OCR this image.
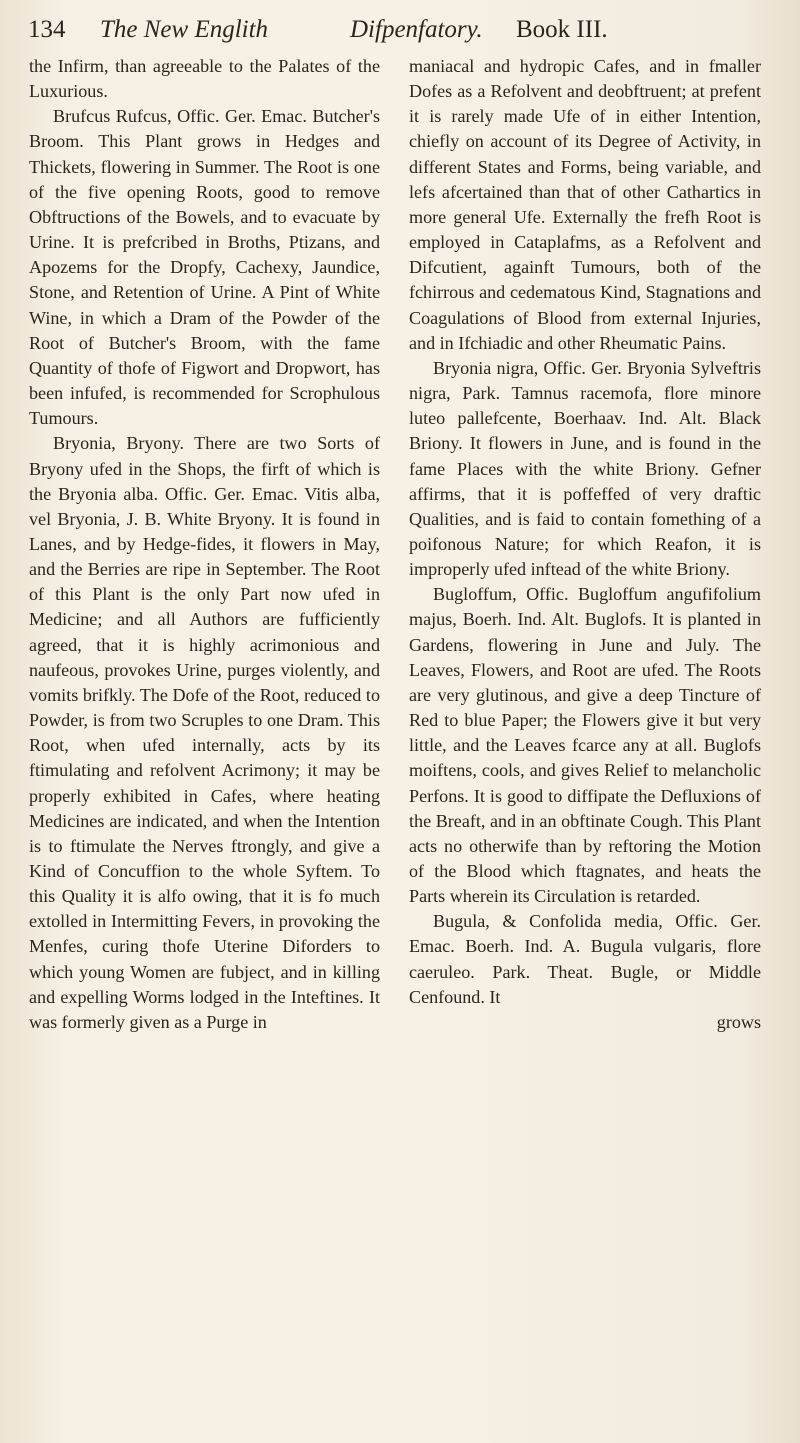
134 The New Englith	Difpenfatory. Book III.

the Infirm, than agreeable to the Palates of the Luxurious.

Brufcus Rufcus, Offic. Ger. Emac. Butcher's Broom. This Plant grows in Hedges and Thickets, flowering in Summer. The Root is one of the five opening Roots, good to remove Obftructions of the Bowels, and to evacuate by Urine. It is prefcribed in Broths, Ptizans, and Apozems for the Dropfy, Cachexy, Jaundice, Stone, and Retention of Urine. A Pint of White Wine, in which a Dram of the Powder of the Root of Butcher's Broom, with the fame Quantity of thofe of Figwort and Dropwort, has been infufed, is recommended for Scrophulous Tumours.

Bryonia, Bryony. There are two Sorts of Bryony ufed in the Shops, the firft of which is the Bryonia alba. Offic. Ger. Emac. Vitis alba, vel Bryonia, J. B. White Bryony. It is found in Lanes, and by Hedge-fides, it flowers in May, and the Berries are ripe in September. The Root of this Plant is the only Part now ufed in Medicine; and all Authors are fufficiently agreed, that it is highly acrimonious and naufeous, provokes Urine, purges violently, and vomits brifkly. The Dofe of the Root, reduced to Powder, is from two Scruples to one Dram. This Root, when ufed internally, acts by its ftimulating and refolvent Acrimony; it may be properly exhibited in Cafes, where heating Medicines are indicated, and when the Intention is to ftimulate the Nerves ftrongly, and give a Kind of Concuffion to the whole Syftem. To this Quality it is alfo owing, that it is fo much extolled in Intermitting Fevers, in provoking the Menfes, curing thofe Uterine Diforders to which young Women are fubject, and in killing and expelling Worms lodged in the Inteftines. It was formerly given as a Purge in

maniacal and hydropic Cafes, and in fmaller Dofes as a Refolvent and deobftruent; at prefent it is rarely made Ufe of in either Intention, chiefly on account of its Degree of Activity, in different States and Forms, being variable, and lefs afcertained than that of other Cathartics in more general Ufe. Externally the frefh Root is employed in Cataplafms, as a Refolvent and Difcutient, againft Tumours, both of the fchirrous and cedematous Kind, Stagnations and Coagulations of Blood from external Injuries, and in Ifchiadic and other Rheumatic Pains.

Bryonia nigra, Offic. Ger. Bryonia Sylveftris nigra, Park. Tamnus racemofa, flore minore luteo pallefcente, Boerhaav. Ind. Alt. Black Briony. It flowers in June, and is found in the fame Places with the white Briony. Gefner affirms, that it is poffeffed of very draftic Qualities, and is faid to contain fomething of a poifonous Nature; for which Reafon, it is improperly ufed inftead of the white Briony.

Bugloffum, Offic. Bugloffum angufifolium majus, Boerh. Ind. Alt. Buglofs. It is planted in Gardens, flowering in June and July. The Leaves, Flowers, and Root are ufed. The Roots are very glutinous, and give a deep Tincture of Red to blue Paper; the Flowers give it but very little, and the Leaves fcarce any at all. Buglofs moiftens, cools, and gives Relief to melancholic Perfons. It is good to diffipate the Defluxions of the Breaft, and in an obftinate Cough. This Plant acts no otherwife than by reftoring the Motion of the Blood which ftagnates, and heats the Parts wherein its Circulation is retarded.

Bugula, & Confolida media, Offic. Ger. Emac. Boerh. Ind. A. Bugula vulgaris, flore caeruleo. Park. Theat. Bugle, or Middle Cenfound. It

grows
